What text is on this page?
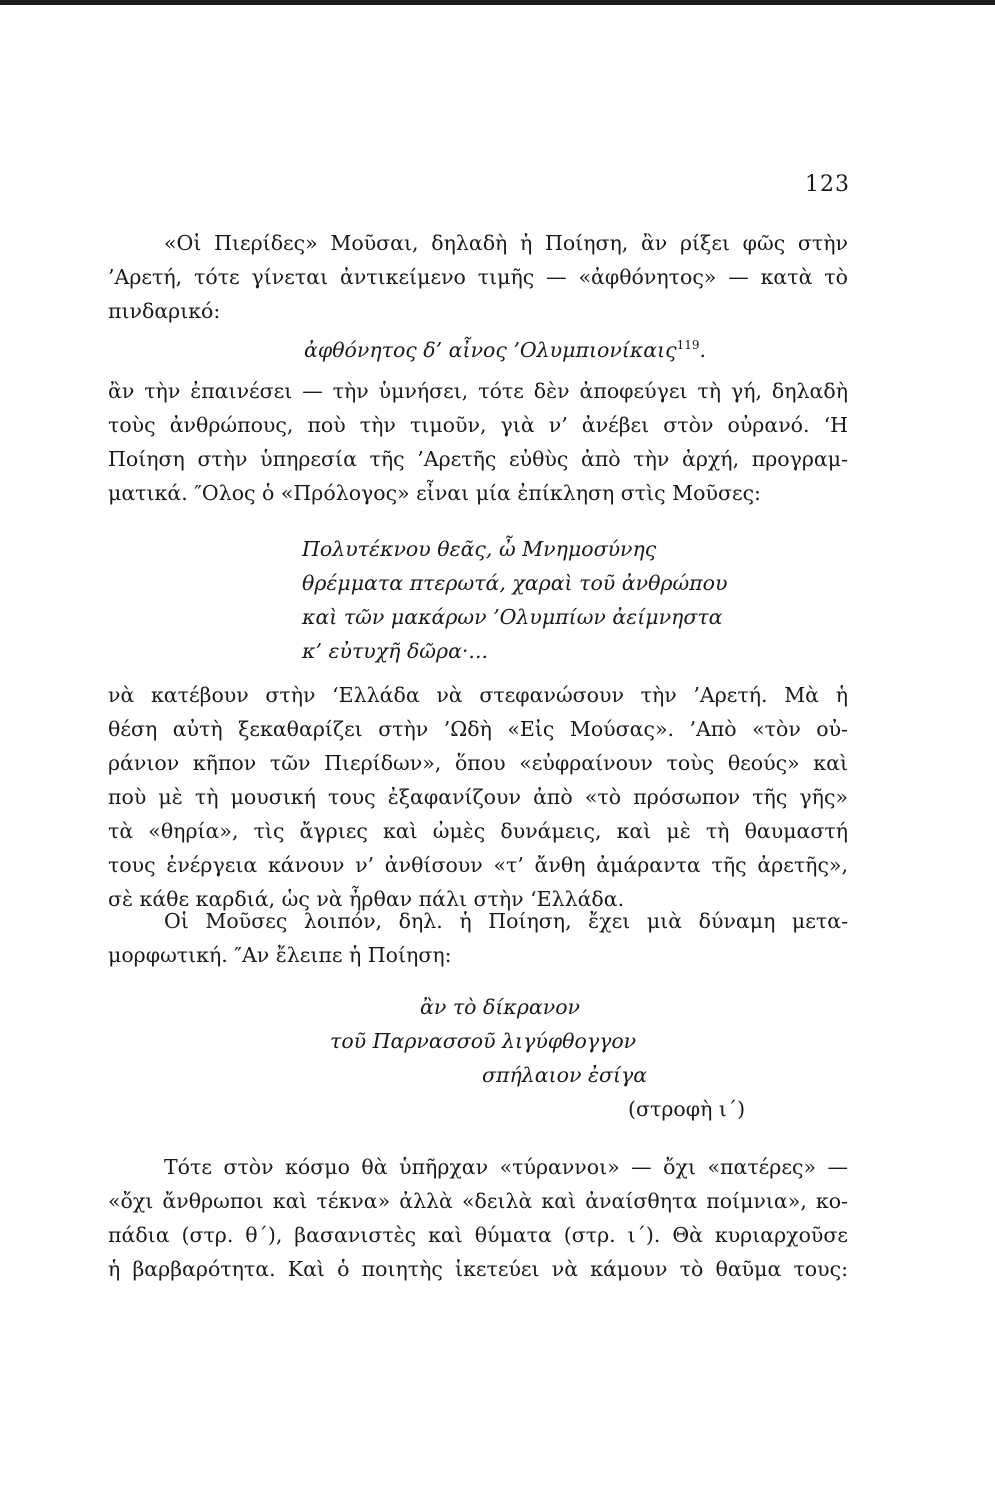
123
«Οἱ Πιερίδες» Μοῦσαι, δηλαδὴ ἡ Ποίηση, ἂν ρίξει φῶς στὴν
’Αρετή, τότε γίνεται ἀντικείμενο τιμῆς — «ἀφθόνητος» — κατὰ τὸ
πινδαρικό:
ἀφθόνητος δ’ αἶνος ’Ολυμπιονίκαις$^{119}$.
ἂν τὴν ἐπαινέσει — τὴν ὑμνήσει, τότε δὲν ἀποφεύγει τὴ γή, δηλαδὴ
τοὺς ἀνθρώπους, ποὺ τὴν τιμοῦν, γιὰ ν’ ἀνέβει στὸν οὐρανό. ‘Η
Ποίηση στὴν ὑπηρεσία τῆς ’Αρετῆς εὐθὺς ἀπὸ τὴν ἀρχή, προγραμ-
ματικά. ″Ολος ὁ «Πρόλογος» εἶναι μία ἐπίκληση στὶς Μοῦσες:
Πολυτέκνου θεᾶς, ὦ Μνημοσύνης
θρέμματα πτερωτά, χαραὶ τοῦ ἀνθρώπου
καὶ τῶν μακάρων ’Ολυμπίων ἀείμνηστα
κ’ εὐτυχῆ δῶρα·...
νὰ κατέβουν στὴν ‘Ελλάδα νὰ στεφανώσουν τὴν ’Αρετή. Μὰ ἡ
θέση αὐτὴ ξεκαθαρίζει στὴν ’Ωδὴ «Εἰς Μούσας». ’Απὸ «τὸν οὐ-
ράνιον κῆπον τῶν Πιερίδων», ὅπου «εὐφραίνουν τοὺς θεούς» καὶ
ποὺ μὲ τὴ μουσική τους ἐξαφανίζουν ἀπὸ «τὸ πρόσωπον τῆς γῆς»
τὰ «θηρία», τὶς ἄγριες καὶ ὠμὲς δυνάμεις, καὶ μὲ τὴ θαυμαστή
τους ἐνέργεια κάνουν ν’ ἀνθίσουν «τ’ ἄνθη ἀμάραντα τῆς ἀρετῆς»,
σὲ κάθε καρδιά, ὡς νὰ ἦρθαν πάλι στὴν ‘Ελλάδα.
Οἱ Μοῦσες λοιπόν, δηλ. ἡ Ποίηση, ἔχει μιὰ δύναμη μετα-
μορφωτική. ″Αν ἔλειπε ἡ Ποίηση:
ἂν τὸ δίκρανον
τοῦ Παρνασσοῦ λιγύφθογγον
σπήλαιον ἐσίγα
(στροφὴ ι΄)
Τότε στὸν κόσμο θὰ ὑπῆρχαν «τύραννοι» — ὄχι «πατέρες» —
«ὄχι ἄνθρωποι καὶ τέκνα» ἀλλὰ «δειλὰ καὶ ἀναίσθητα ποίμνια», κο-
πάδια (στρ. θ΄), βασανιστὲς καὶ θύματα (στρ. ι΄). Θὰ κυριαρχοῦσε
ἡ βαρβαρότητα. Καὶ ὁ ποιητὴς ἱκετεύει νὰ κάμουν τὸ θαῦμα τους:
